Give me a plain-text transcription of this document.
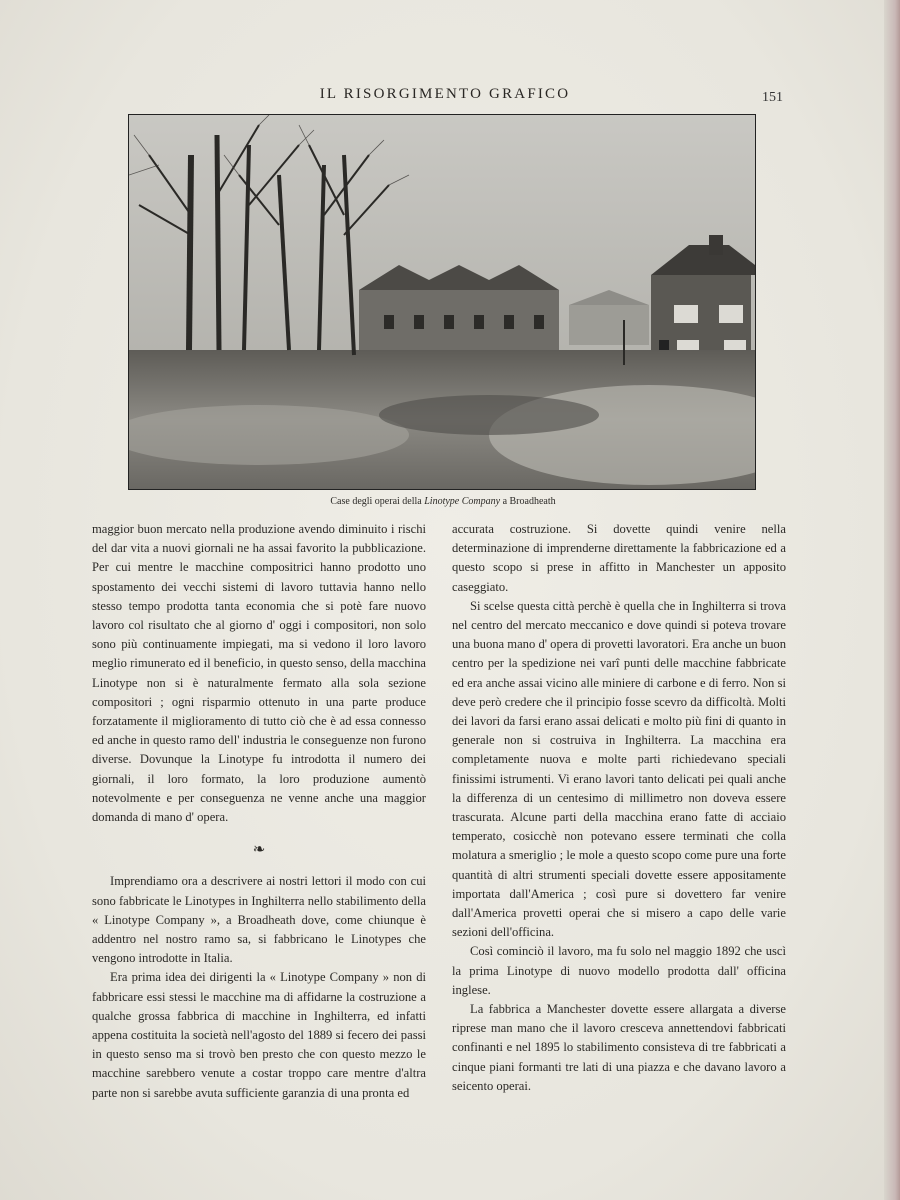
IL RISORGIMENTO GRAFICO	151
Case degli operai della Linotype Company a Broadheath

maggior buon mercato nella produzione avendo diminuito i rischi del dar vita a nuovi giornali ne ha assai favorito la pubblicazione. Per cui mentre le macchine compositrici hanno prodotto uno spostamento dei vecchi sistemi di lavoro tuttavia hanno nello stesso tempo prodotta tanta economia che si potè fare nuovo lavoro col risultato che al giorno d' oggi i compositori, non solo sono più continuamente impiegati, ma si vedono il loro lavoro meglio rimunerato ed il beneficio, in questo senso, della macchina Linotype non si è naturalmente fermato alla sola sezione compositori ; ogni risparmio ottenuto in una parte produce forzatamente il miglioramento di tutto ciò che è ad essa connesso ed anche in questo ramo dell' industria le conseguenze non furono diverse. Dovunque la Linotype fu introdotta il numero dei giornali, il loro formato, la loro produzione aumentò notevolmente e per conseguenza ne venne anche una maggior domanda di mano d' opera.

❧

Imprendiamo ora a descrivere ai nostri lettori il modo con cui sono fabbricate le Linotypes in Inghilterra nello stabilimento della « Linotype Company », a Broadheath dove, come chiunque è addentro nel nostro ramo sa, si fabbricano le Linotypes che vengono introdotte in Italia.

Era prima idea dei dirigenti la « Linotype Company » non di fabbricare essi stessi le macchine ma di affidarne la costruzione a qualche grossa fabbrica di macchine in Inghilterra, ed infatti appena costituita la società nell'agosto del 1889 si fecero dei passi in questo senso ma si trovò ben presto che con questo mezzo le macchine sarebbero venute a costar troppo care mentre d'altra parte non si sarebbe avuta sufficiente garanzia di una pronta ed

accurata costruzione. Si dovette quindi venire nella determinazione di imprenderne direttamente la fabbricazione ed a questo scopo si prese in affitto in Manchester un apposito caseggiato.

Si scelse questa città perchè è quella che in Inghilterra si trova nel centro del mercato meccanico e dove quindi si poteva trovare una buona mano d' opera di provetti lavoratori. Era anche un buon centro per la spedizione nei varî punti delle macchine fabbricate ed era anche assai vicino alle miniere di carbone e di ferro. Non si deve però credere che il principio fosse scevro da difficoltà. Molti dei lavori da farsi erano assai delicati e molto più fini di quanto in generale non si costruiva in Inghilterra. La macchina era completamente nuova e molte parti richiedevano speciali finissimi istrumenti. Vi erano lavori tanto delicati pei quali anche la differenza di un centesimo di millimetro non doveva essere trascurata. Alcune parti della macchina erano fatte di acciaio temperato, cosicchè non potevano essere terminati che colla molatura a smeriglio ; le mole a questo scopo come pure una forte quantità di altri strumenti speciali dovette essere appositamente importata dall'America ; così pure si dovettero far venire dall'America provetti operai che si misero a capo delle varie sezioni dell'officina.

Così cominciò il lavoro, ma fu solo nel maggio 1892 che uscì la prima Linotype di nuovo modello prodotta dall' officina inglese.

La fabbrica a Manchester dovette essere allargata a diverse riprese man mano che il lavoro cresceva annettendovi fabbricati confinanti e nel 1895 lo stabilimento consisteva di tre fabbricati a cinque piani formanti tre lati di una piazza e che davano lavoro a seicento operai.
